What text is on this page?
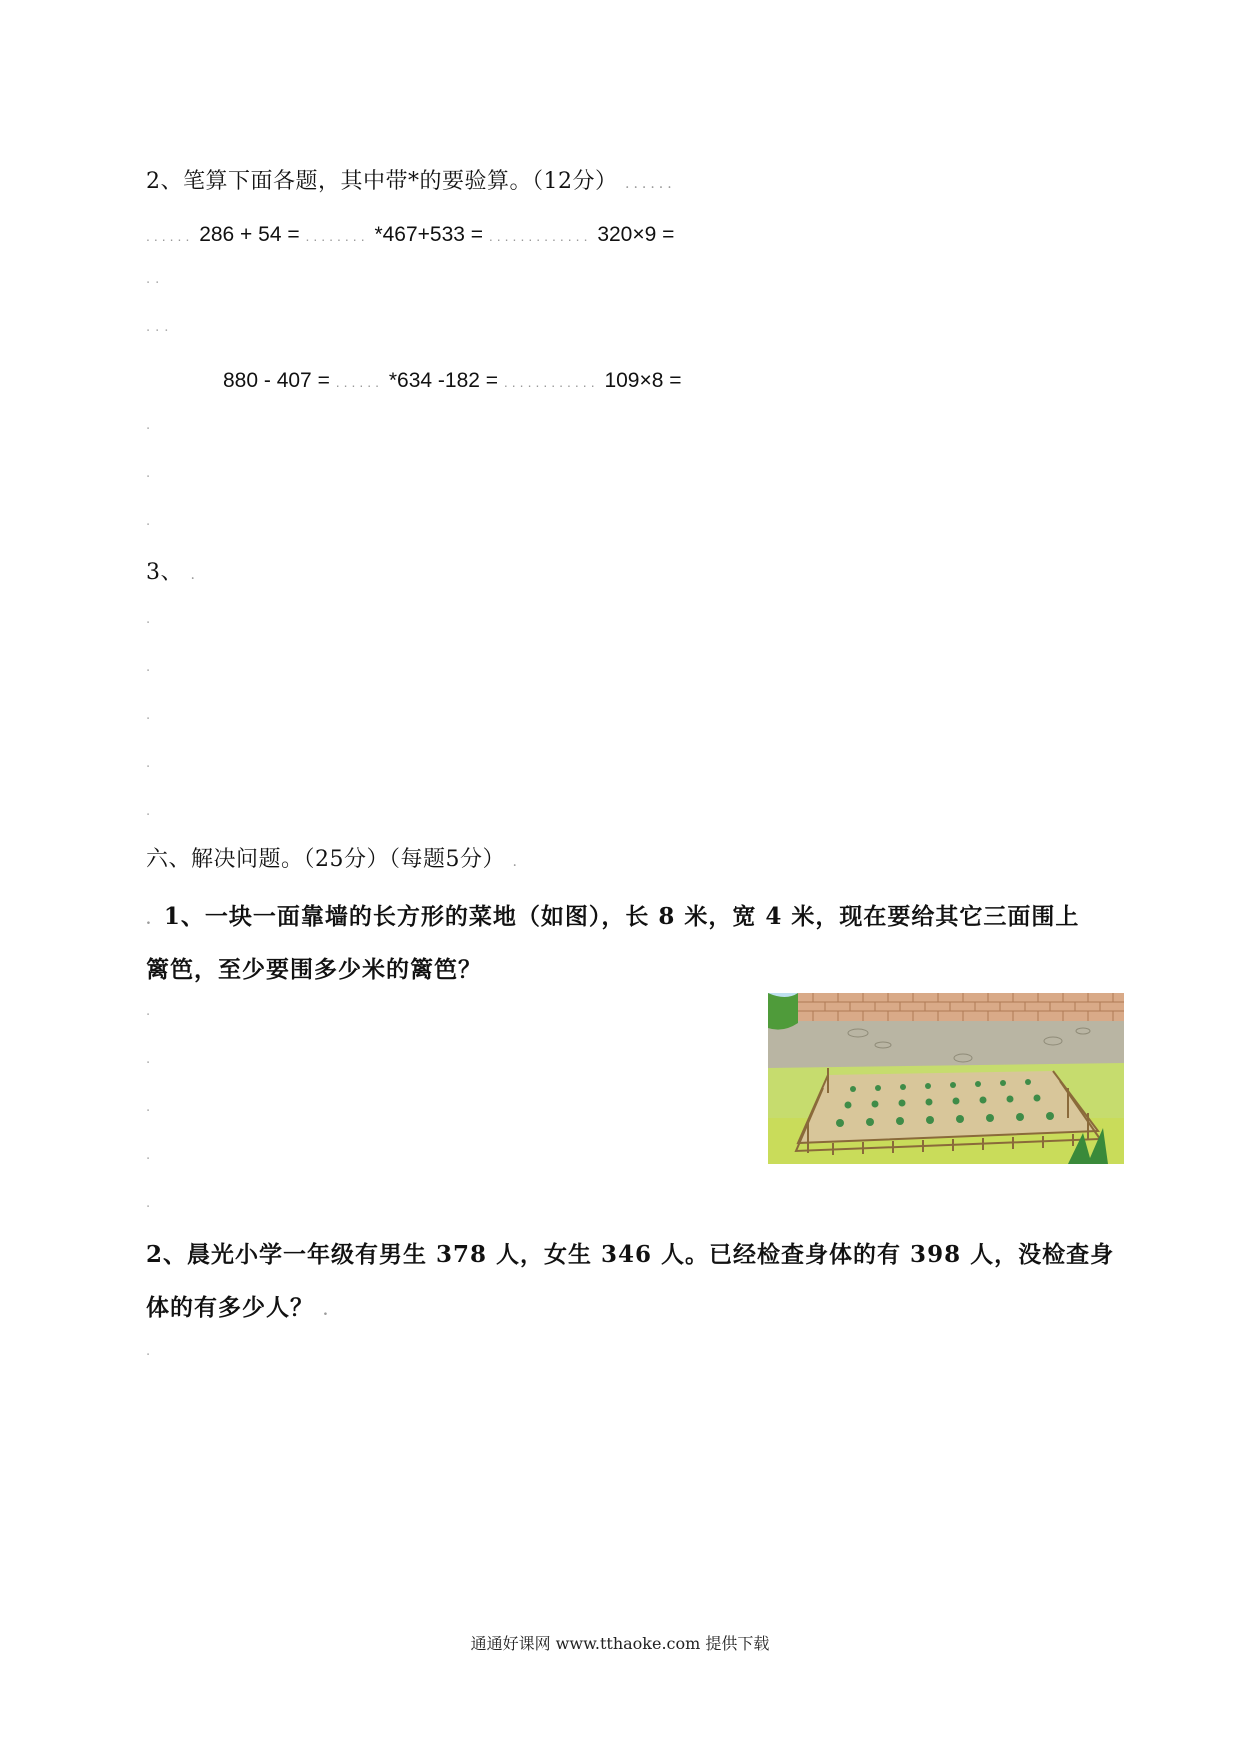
2、笔算下面各题，其中带*的要验算。（12分） ......
...... 286 + 54 = ........ *467+533 = ............. 320×9 =
..
...
880 - 407 = ...... *634 -182 = ............ 109×8 =
.
.
.
3、 .
.
.
.
.
.
六、解决问题。（25分）（每题5分） .
. 1、一块一面靠墙的长方形的菜地（如图），长 8 米，宽 4 米，现在要给其它三面围上
篱笆，至少要围多少米的篱笆？
.
.
.
.
.
2、晨光小学一年级有男生 378 人，女生 346 人。已经检查身体的有 398 人，没检查身
体的有多少人？ .
.
通通好课网 www.tthaoke.com 提供下载
